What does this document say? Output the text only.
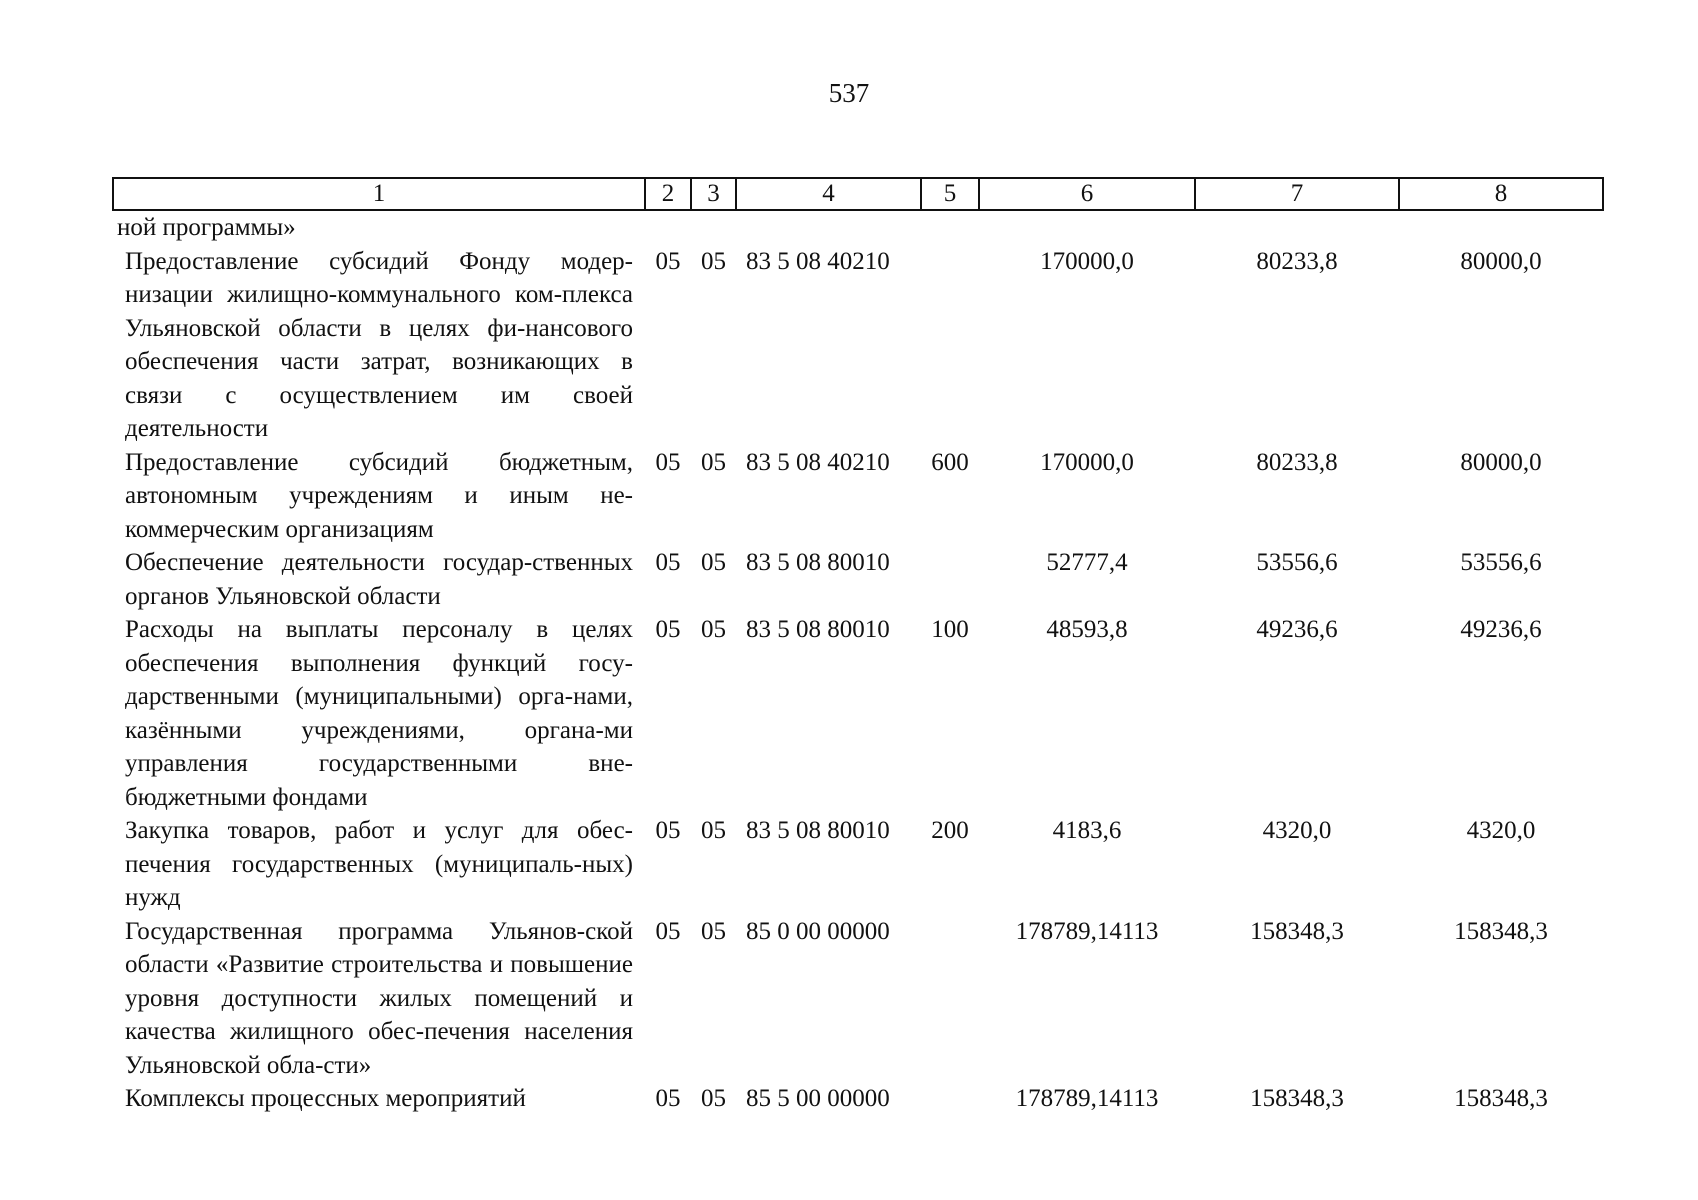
537
1	2	3	4	5	6	7	8
ной программы»							
Предоставление субсидий Фонду модер-низации жилищно-коммунального ком-плекса Ульяновской области в целях фи-нансового обеспечения части затрат, возникающих в связи с осуществлением им своей деятельности	05	05	83 5 08 40210		170000,0	80233,8	80000,0
Предоставление субсидий бюджетным, автономным учреждениям и иным не-коммерческим организациям	05	05	83 5 08 40210	600	170000,0	80233,8	80000,0
Обеспечение деятельности государ-ственных органов Ульяновской области	05	05	83 5 08 80010		52777,4	53556,6	53556,6
Расходы на выплаты персоналу в целях обеспечения выполнения функций госу-дарственными (муниципальными) орга-нами, казёнными учреждениями, органа-ми управления государственными вне-бюджетными фондами	05	05	83 5 08 80010	100	48593,8	49236,6	49236,6
Закупка товаров, работ и услуг для обес-печения государственных (муниципаль-ных) нужд	05	05	83 5 08 80010	200	4183,6	4320,0	4320,0
Государственная программа Ульянов-ской области «Развитие строительства и повышение уровня доступности жилых помещений и качества жилищного обес-печения населения Ульяновской обла-сти»	05	05	85 0 00 00000		178789,14113	158348,3	158348,3
Комплексы процессных мероприятий	05	05	85 5 00 00000		178789,14113	158348,3	158348,3
